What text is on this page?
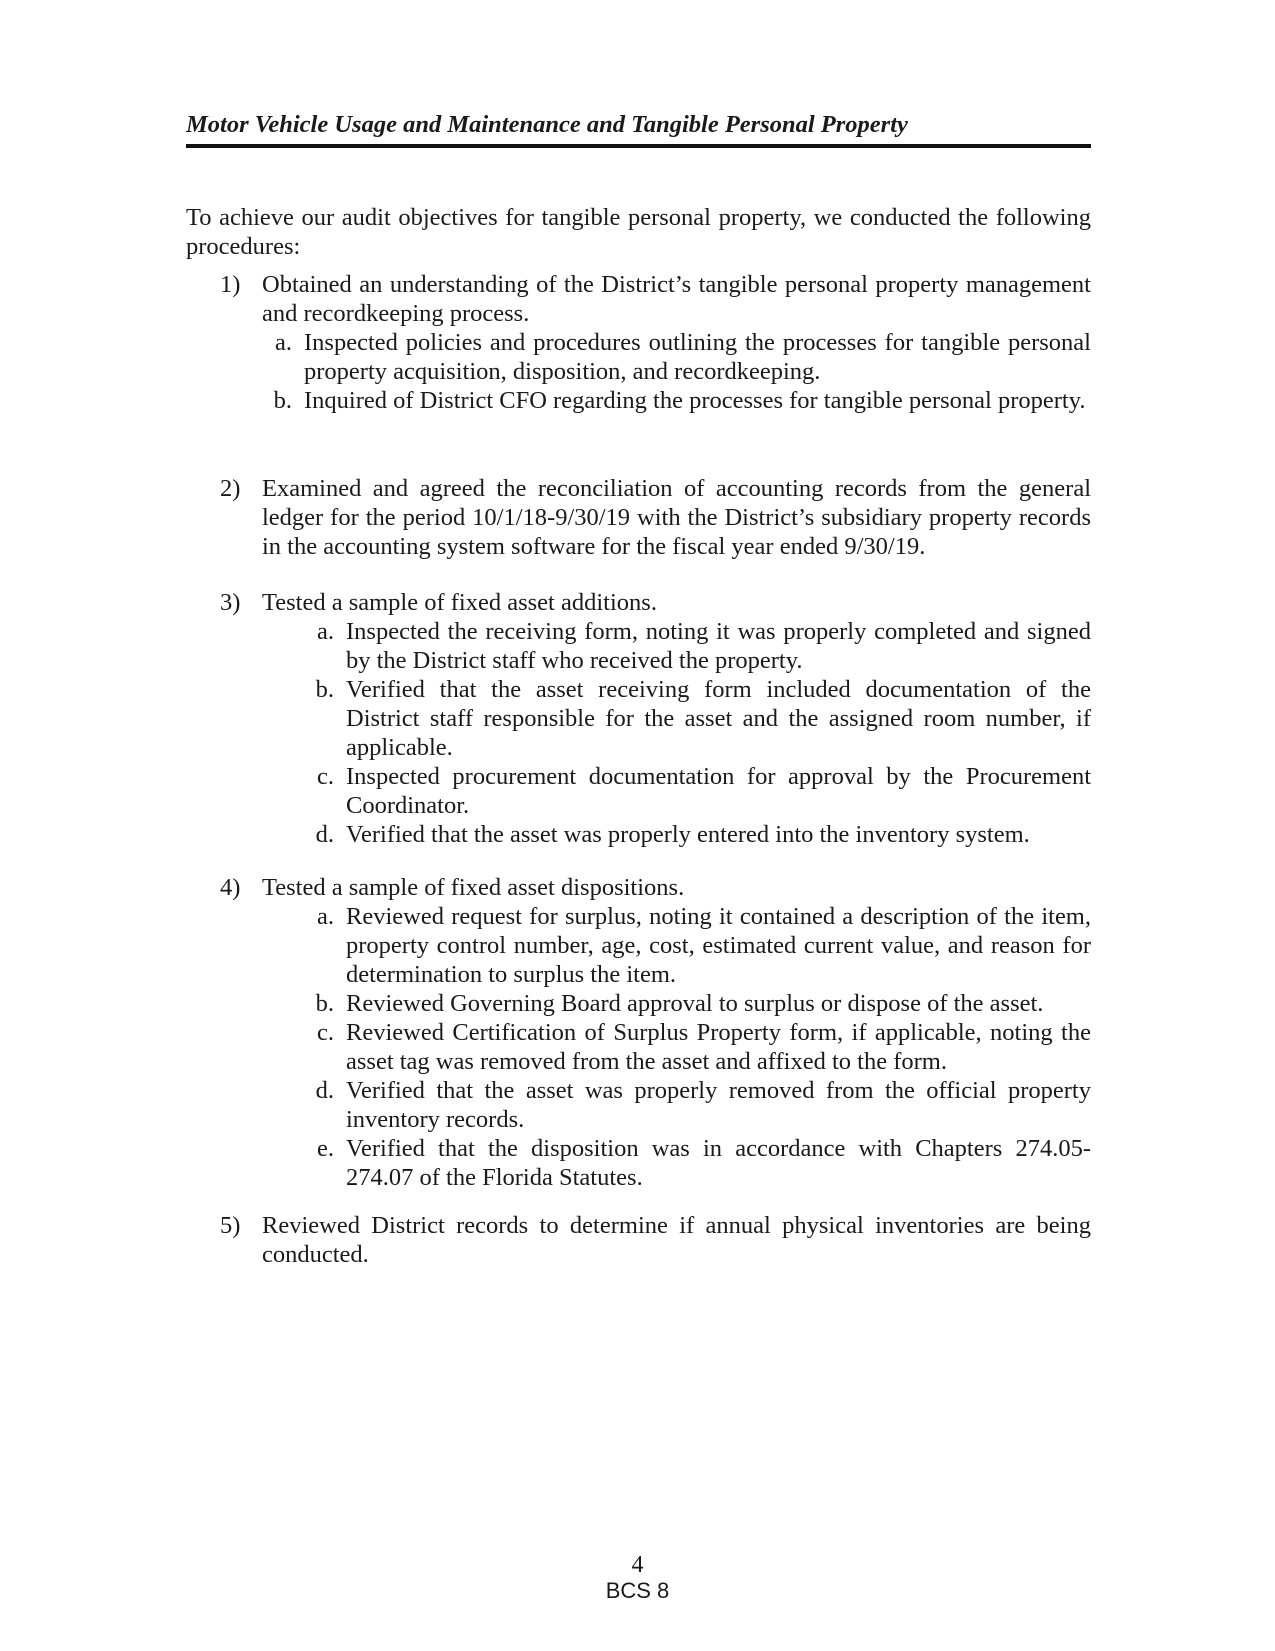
Motor Vehicle Usage and Maintenance and Tangible Personal Property
To achieve our audit objectives for tangible personal property, we conducted the following procedures:
1) Obtained an understanding of the District’s tangible personal property management and recordkeeping process.
a. Inspected policies and procedures outlining the processes for tangible personal property acquisition, disposition, and recordkeeping.
b. Inquired of District CFO regarding the processes for tangible personal property.
2) Examined and agreed the reconciliation of accounting records from the general ledger for the period 10/1/18-9/30/19 with the District’s subsidiary property records in the accounting system software for the fiscal year ended 9/30/19.
3) Tested a sample of fixed asset additions.
a. Inspected the receiving form, noting it was properly completed and signed by the District staff who received the property.
b. Verified that the asset receiving form included documentation of the District staff responsible for the asset and the assigned room number, if applicable.
c. Inspected procurement documentation for approval by the Procurement Coordinator.
d. Verified that the asset was properly entered into the inventory system.
4) Tested a sample of fixed asset dispositions.
a. Reviewed request for surplus, noting it contained a description of the item, property control number, age, cost, estimated current value, and reason for determination to surplus the item.
b. Reviewed Governing Board approval to surplus or dispose of the asset.
c. Reviewed Certification of Surplus Property form, if applicable, noting the asset tag was removed from the asset and affixed to the form.
d. Verified that the asset was properly removed from the official property inventory records.
e. Verified that the disposition was in accordance with Chapters 274.05-274.07 of the Florida Statutes.
5) Reviewed District records to determine if annual physical inventories are being conducted.
4
BCS 8
